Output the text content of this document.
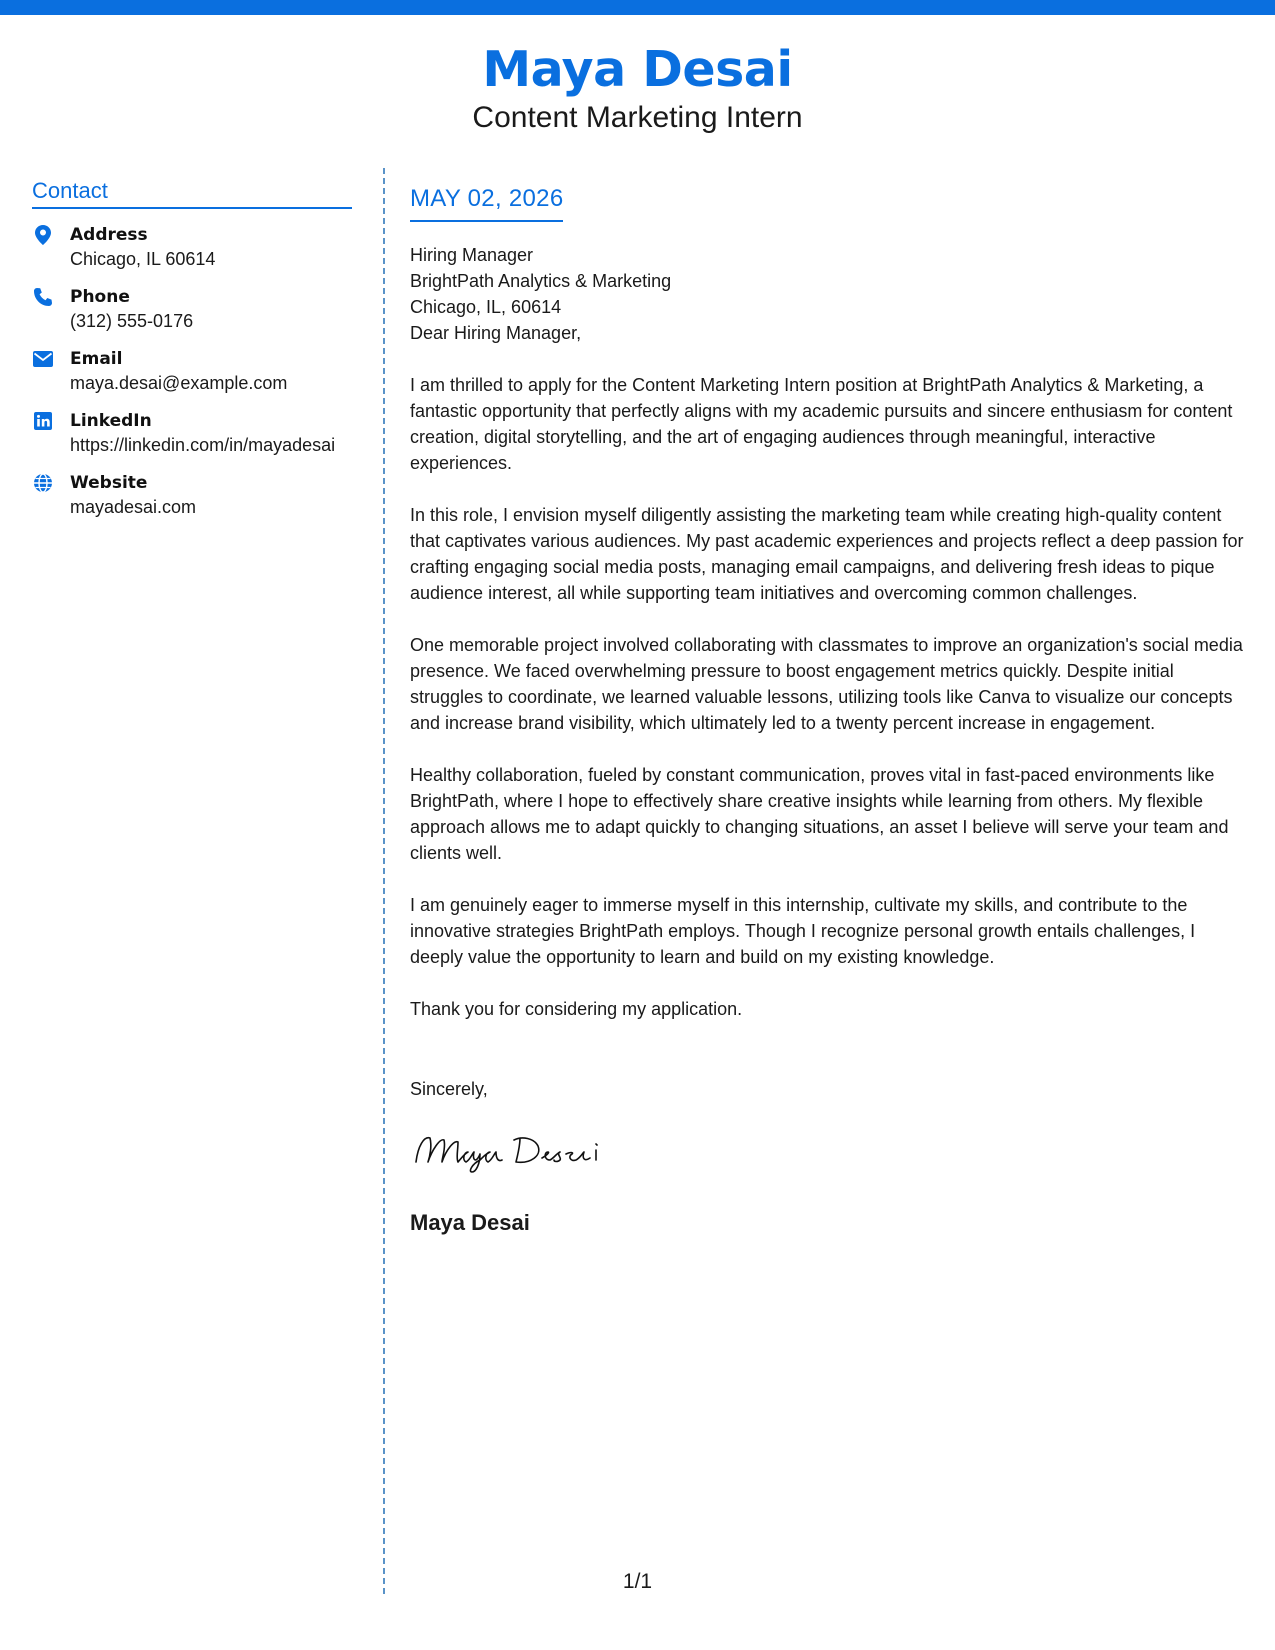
Maya Desai
Content Marketing Intern
Contact
Address
Chicago, IL 60614
Phone
(312) 555-0176
Email
maya.desai@example.com
LinkedIn
https://linkedin.com/in/mayadesai
Website
mayadesai.com
MAY 02, 2026
Hiring Manager
BrightPath Analytics & Marketing
Chicago, IL, 60614

Dear Hiring Manager,

I am thrilled to apply for the Content Marketing Intern position at BrightPath Analytics & Marketing, a fantastic opportunity that perfectly aligns with my academic pursuits and sincere enthusiasm for content creation, digital storytelling, and the art of engaging audiences through meaningful, interactive experiences.

In this role, I envision myself diligently assisting the marketing team while creating high-quality content that captivates various audiences. My past academic experiences and projects reflect a deep passion for crafting engaging social media posts, managing email campaigns, and delivering fresh ideas to pique audience interest, all while supporting team initiatives and overcoming common challenges.

One memorable project involved collaborating with classmates to improve an organization's social media presence. We faced overwhelming pressure to boost engagement metrics quickly. Despite initial struggles to coordinate, we learned valuable lessons, utilizing tools like Canva to visualize our concepts and increase brand visibility, which ultimately led to a twenty percent increase in engagement.

Healthy collaboration, fueled by constant communication, proves vital in fast-paced environments like BrightPath, where I hope to effectively share creative insights while learning from others. My flexible approach allows me to adapt quickly to changing situations, an asset I believe will serve your team and clients well.

I am genuinely eager to immerse myself in this internship, cultivate my skills, and contribute to the innovative strategies BrightPath employs. Though I recognize personal growth entails challenges, I deeply value the opportunity to learn and build on my existing knowledge.

Thank you for considering my application.

Sincerely,
Maya Desai
1/1
